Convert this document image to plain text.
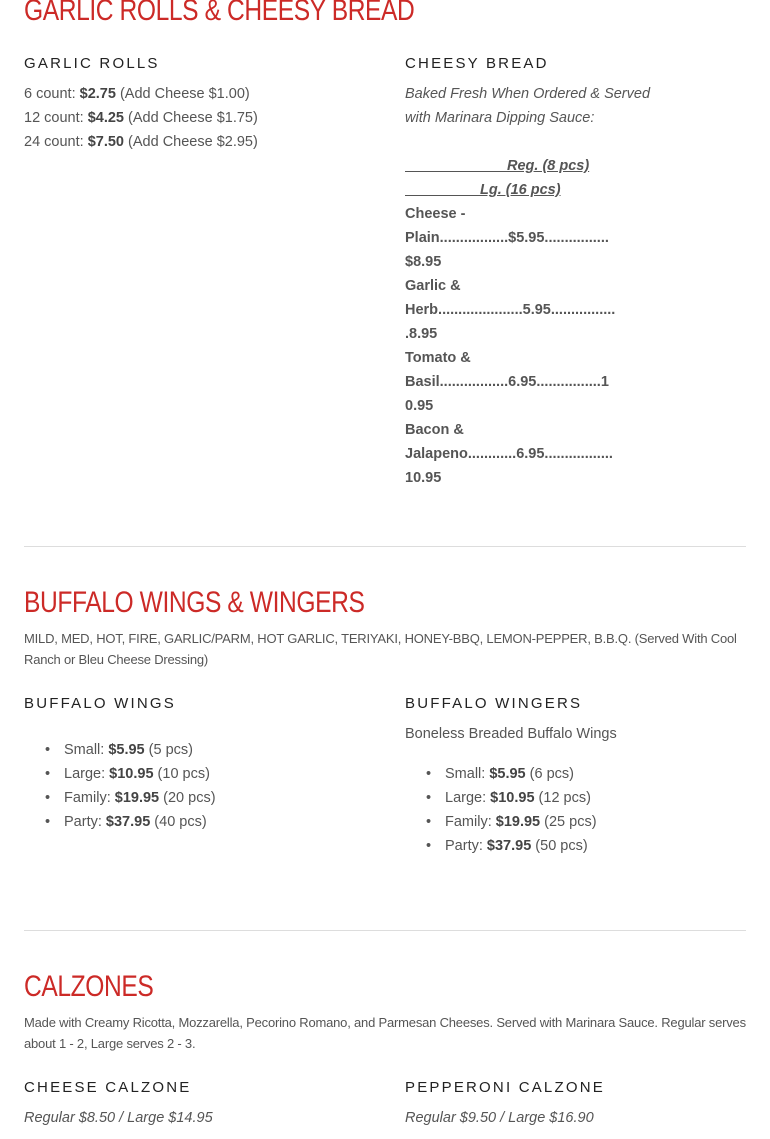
GARLIC ROLLS & CHEESY BREAD
GARLIC ROLLS
6 count: $2.75 (Add Cheese $1.00)
12 count: $4.25 (Add Cheese $1.75)
24 count: $7.50 (Add Cheese $2.95)
CHEESY BREAD
Baked Fresh When Ordered & Served
with Marinara Dipping Sauce:
Reg. (8 pcs)
Lg. (16 pcs)
Cheese -
Plain.................$5.95................
$8.95
Garlic &
Herb.....................5.95................
.8.95
Tomato &
Basil.................6.95................1
0.95
Bacon &
Jalapeno............6.95.................
10.95
BUFFALO WINGS & WINGERS
MILD, MED, HOT, FIRE, GARLIC/PARM, HOT GARLIC, TERIYAKI, HONEY-BBQ, LEMON-PEPPER, B.B.Q. (Served With Cool Ranch or Bleu Cheese Dressing)
BUFFALO WINGS
• Small: $5.95 (5 pcs)
• Large: $10.95 (10 pcs)
• Family: $19.95 (20 pcs)
• Party: $37.95 (40 pcs)
BUFFALO WINGERS
Boneless Breaded Buffalo Wings
• Small: $5.95 (6 pcs)
• Large: $10.95 (12 pcs)
• Family: $19.95 (25 pcs)
• Party: $37.95 (50 pcs)
CALZONES
Made with Creamy Ricotta, Mozzarella, Pecorino Romano, and Parmesan Cheeses. Served with Marinara Sauce. Regular serves about 1 - 2, Large serves 2 - 3.
CHEESE CALZONE
Regular $8.50 / Large $14.95
PEPPERONI CALZONE
Regular $9.50 / Large $16.90
